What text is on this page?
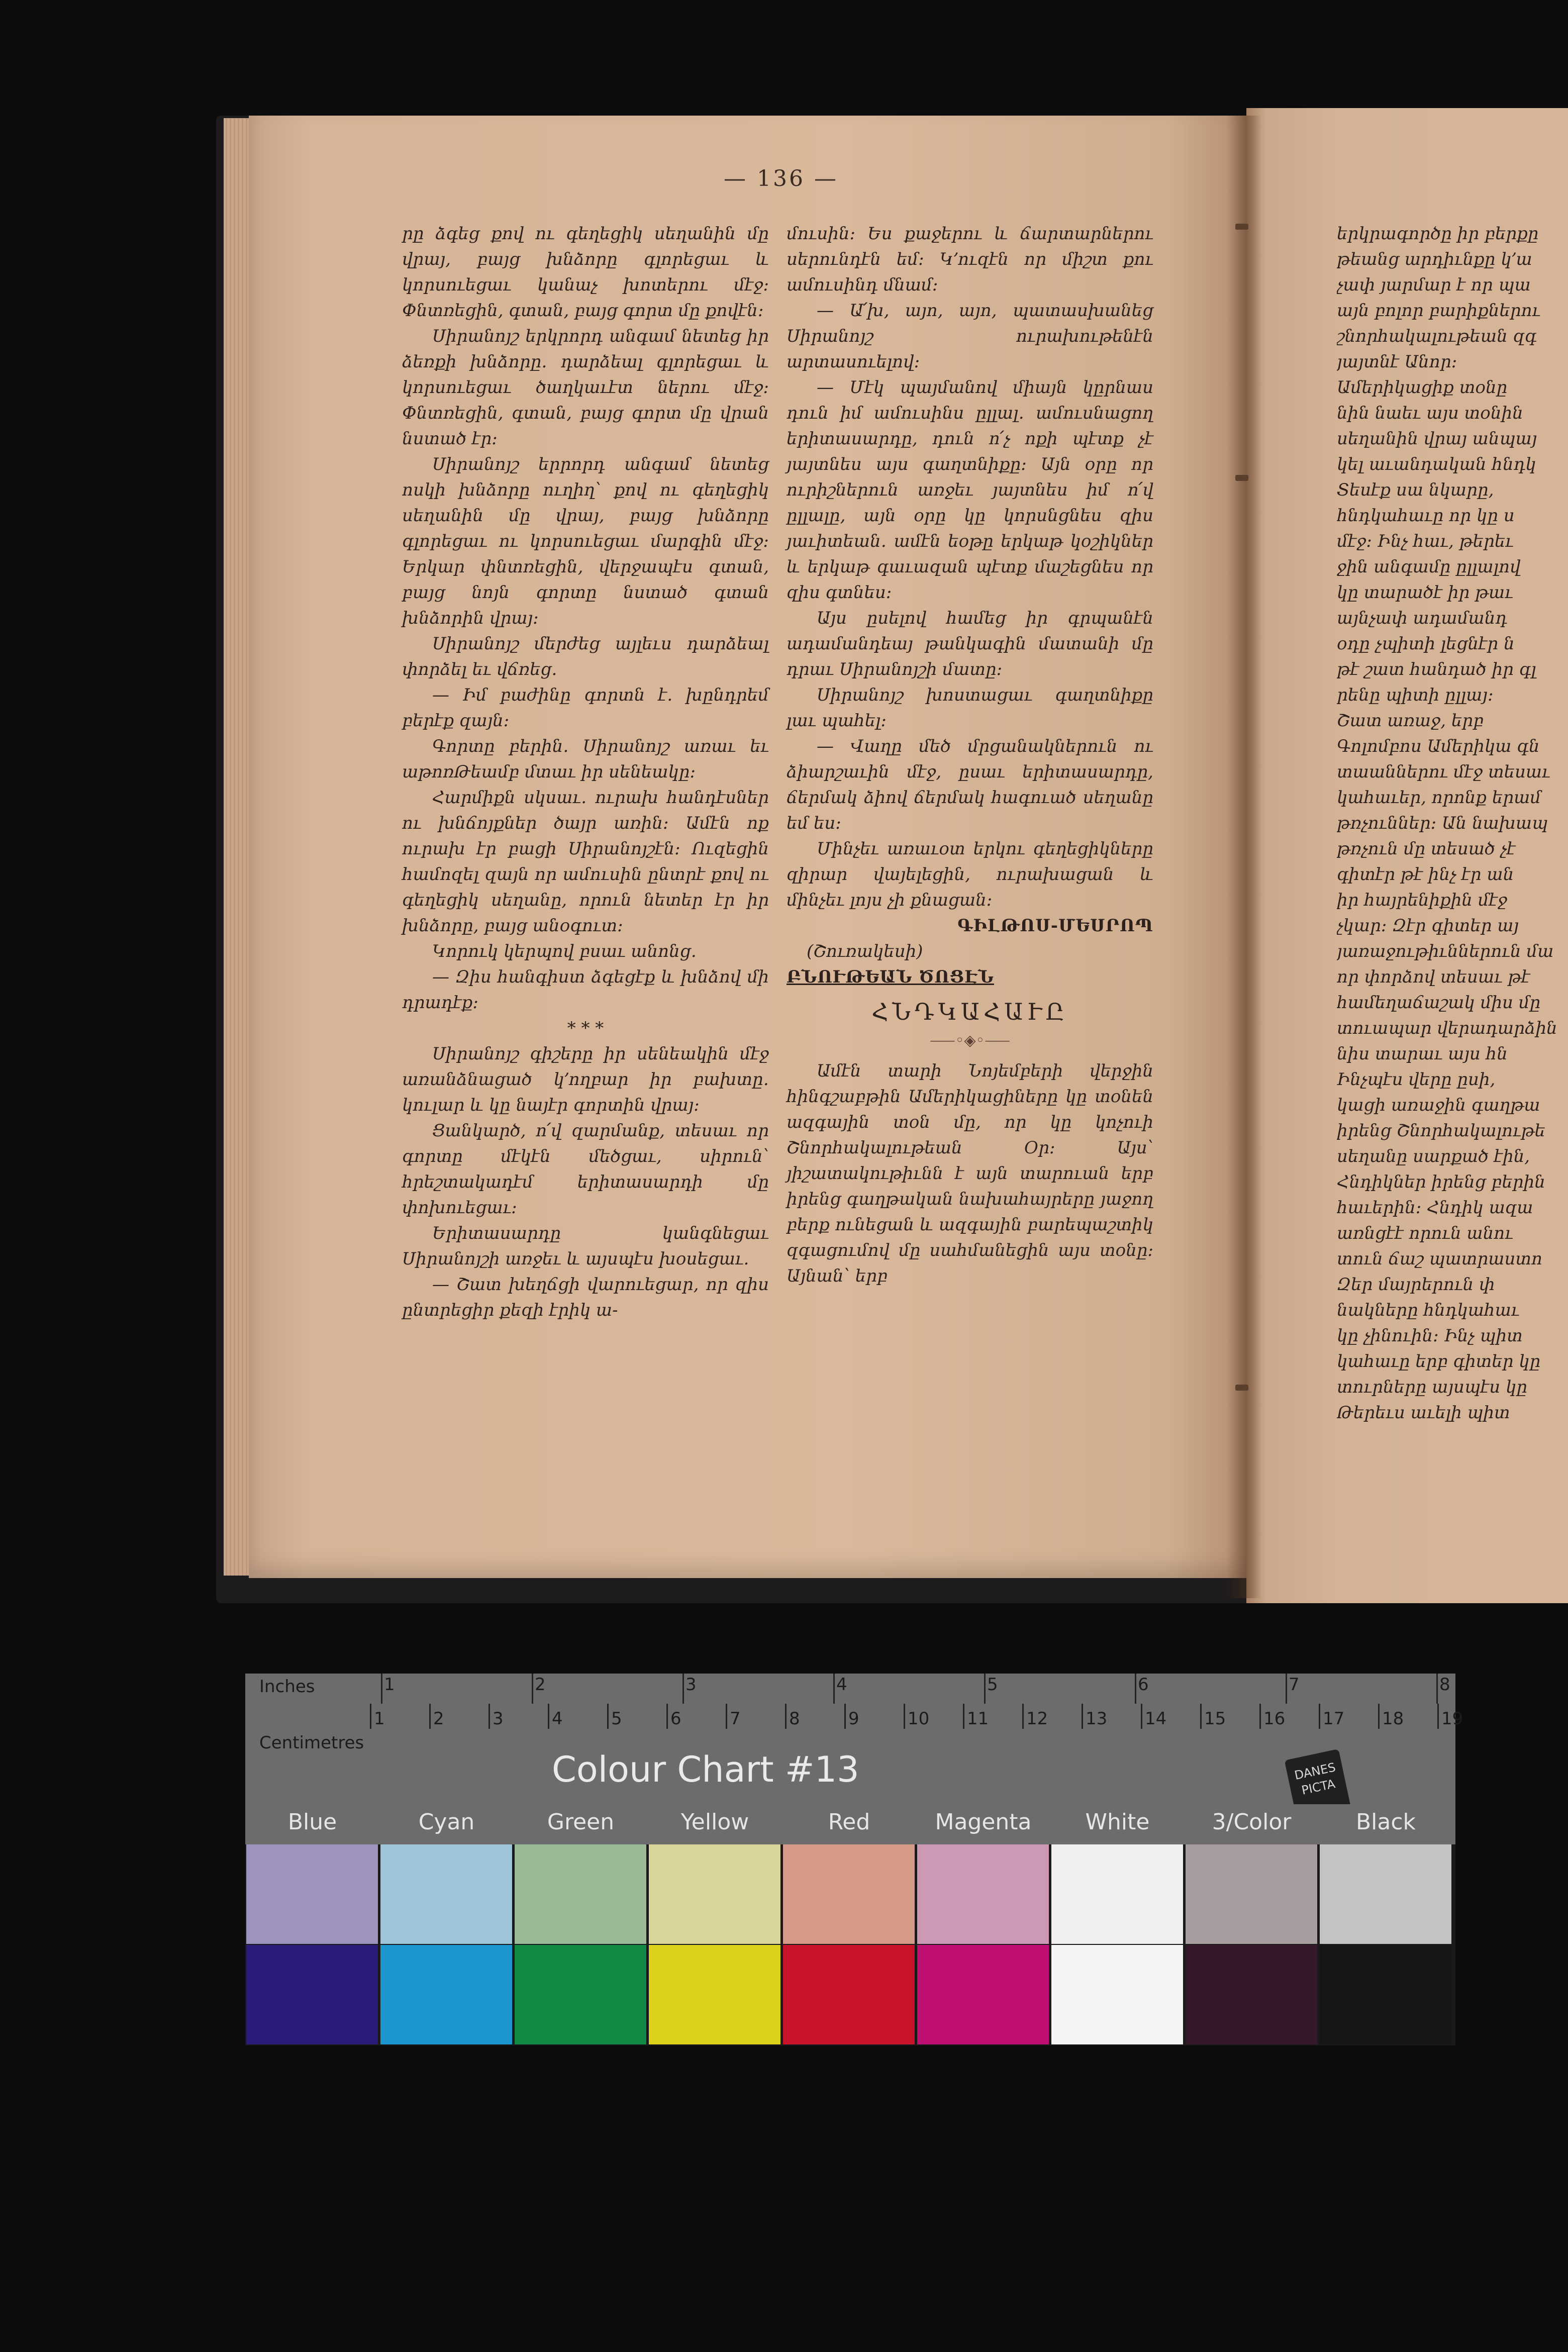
— 136 —

րը ձգեց քով ու գեղեցիկ սեղանին մը վրայ, բայց խնձորը գլորեցաւ և կորսուեցաւ կանաչ խոտերու մէջ։ Փնտռեցին, գտան, բայց գորտ մը քովէն։

Սիրանոյշ երկրորդ անգամ նետեց իր ձեռքի խնձորը․ դարձեալ գլորեցաւ և կորսուեցաւ ծաղկաւէտ ներու մէջ։ Փնտռեցին, գտան, բայց գորտ մը վրան նստած էր։

Սիրանոյշ երրորդ անգամ նետեց ոսկի խնձորը ուղիղ՝ քով ու գեղեցիկ սեղանին մը վրայ, բայց խնձորը գլորեցաւ ու կորսուեցաւ մարգին մէջ։ Երկար փնտռեցին, վերջապէս գտան, բայց նոյն գորտը նստած գտան խնձորին վրայ։

Սիրանոյշ մերժեց այլեւս դարձեալ փորձել եւ վճռեց․

— Իմ բաժինը գորտն է․ խընդրեմ բերէք զայն։

Գորտը բերին․ Սիրանոյշ առաւ եւ աթոռԹեամբ մտաւ իր սենեակը։

Հարմիքն սկսաւ․ ուրախ հանդէսներ ու խնճոյքներ ծայր առին։ Ամէն ոք ուրախ էր բացի Սիրանոյշէն։ Ուզեցին համոզել զայն որ ամուսին ընտրէ քով ու գեղեցիկ սեղանը, որուն նետեր էր իր խնձորը, բայց անօգուտ։

Կորուկ կերպով բսաւ անոնց․

— Զիս հանգիստ ձգեցէք և խնձով մի դրադէք։

* * *

Սիրանոյշ գիշերը իր սենեակին մէջ առանձնացած կ՚ողբար իր բախտը․ կուլար և կը նայէր գորտին վրայ։

Ցանկարծ, ո՛վ զարմանք, տեսաւ որ գորտը մէկէն մեծցաւ, սիրուն՝ հրեշտակադէմ երիտասարդի մը փոխուեցաւ։

Երիտասարդը կանգնեցաւ Սիրանոյշի առջեւ և այսպէս խօսեցաւ․

— Շատ խեղճցի վարուեցար, որ զիս ընտրեցիր քեզի էրիկ ա-

մուսին։ Ես քաջերու և ճարտարներու սերունդէն եմ։ Կ՚ուզէն որ միշտ քու ամուսինդ մնամ։

— Ա՛խ, այո, այո, պատասխանեց Սիրանոյշ ուրախութենէն արտասուելով։

— Մէկ պայմանով միայն կըրնաս դուն իմ ամուսինս ըլլալ․ ամուսնացող երիտասարդը, դուն ո՛չ ոքի պէտք չէ յայտնես այս գաղտնիքը։ Այն օրը որ ուրիշներուն առջեւ յայտնես իմ ո՛վ ըլլալը, այն օրը կը կորսնցնես զիս յաւիտեան․ ամէն եօթը երկաթ կօշիկներ և երկաթ գաւազան պէտք մաշեցնես որ զիս գտնես։

Այս ըսելով համեց իր գրպանէն ադամանդեայ թանկագին մատանի մը դրաւ Սիրանոյշի մատը։

Սիրանոյշ խոստացաւ գաղտնիքը լաւ պահել։

— Վաղը մեծ մրցանակներուն ու ձիարշաւին մէջ, ըսաւ երիտասարդը, ճերմակ ձիով ճերմակ հագուած սեղանը եմ ես։

Մինչեւ առաւօտ երկու գեղեցիկները զիրար վայելեցին, ուրախացան և մինչեւ լոյս չի քնացան։

ԳԻԼԹՈՍ-ՄԵՍՐՈՊ

(Շուռակեսի)

ԲՆՈՒԹԵԱՆ ԾՈՑԷՆ

ՀՆԴԿԱՀԱՒԸ

⸺◦◈◦⸺

Ամէն տարի Նոյեմբերի վերջին հինգշաբթին Ամերիկացիները կը տօնեն ազգային տօն մը, որ կը կոչուի Շնորհակալութեան Օր։ Այս՝ յիշատակութիւնն է այն տարուան երբ իրենց գաղթական նախահայրերը յաջող բերք ունեցան և ազգային բարեպաշտիկ զգացումով մը սահմանեցին այս տօնը։ Այնան՝ երբ

երկրագործը իր բերքը

թեանց արդիւնքը կ՚ա

չափ յարմար է որ պա

այն բոլոր բարիքներու

շնորհակալութեան զգ

յայտնէ Անոր։

Ամերիկացիք տօնը

նին նաեւ այս տօնին

սեղանին վրայ անպայ

կել աւանդական հնդկ

Տեսէք սա նկարը,

հնդկահաւը որ կը ս

մէջ։ Ինչ հաւ, թերեւ

ջին անգամը ըլլալով

կը տարածէ իր թաւ

այնչափ ադամանդ

օդը չպիտի լեցնէր ն

թէ շատ հանդած իր գլ

րենը պիտի ըլլայ։

Շատ առաջ, երբ

Գոլոմբոս Ամերիկա գն

տաաններու մէջ տեսաւ

կահաւեր, որոնք երամ

թռչուններ։ Ան նախապ

թռչուն մը տեսած չէ

գիտէր թէ ինչ էր ան

իր հայրենիքին մէջ

չկար։ Զէր գիտեր այ

յառաջութիւններուն մա

որ փորձով տեսաւ թէ

համեղաճաշակ միս մը

տուապար վերադարձին

նիս տարաւ այս հն

Ինչպէս վերը ըսի,

կացի առաջին գաղթա

իրենց Շնորհակալութե

սեղանը սարքած էին,

Հնդիկներ իրենց բերին

հաւերին։ Հնդիկ ազա

առնցէէ որուն անու

տուն ճաշ պատրաստո

Զեր մայրերուն փ

նակները հնդկահաւ

կը չինուին։ Ինչ պիտ

կահաւը երբ գիտեր կը

տուրները այսպէս կը

Թերեւս աւելի պիտ

Inches
Centimetres
1	2	3	4	5	6	7	8
1	2	3	4	5	6	7	8	9	10 11 12 13 14 15 16 17 18 19
Colour Chart #13	DANES PICTA
Blue	Cyan	Green	Yellow	Red	Magenta	White	3/Color	Black
